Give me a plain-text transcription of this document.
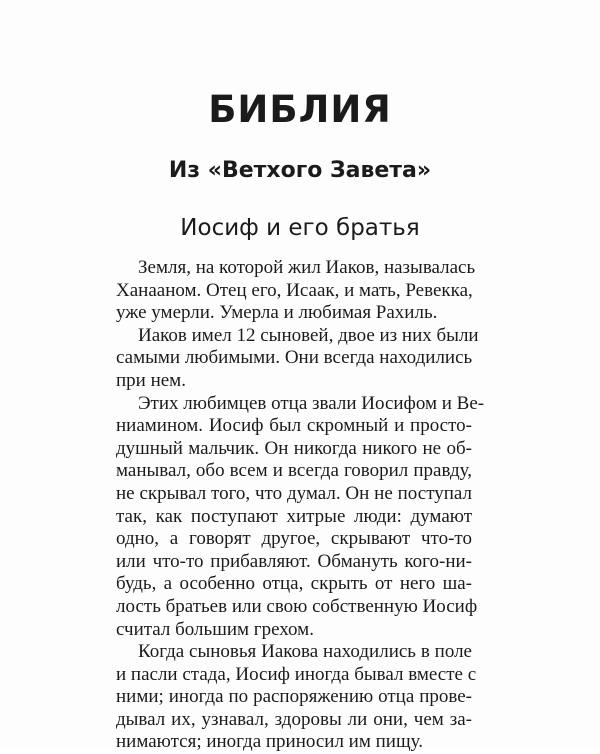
БИБЛИЯ
Из «Ветхого Завета»
Иосиф и его братья
Земля, на которой жил Иаков, называлась
Ханааном. Отец его, Исаак, и мать, Ревекка,
уже умерли. Умерла и любимая Рахиль.
Иаков имел 12 сыновей, двое из них были
самыми любимыми. Они всегда находились
при нем.
Этих любимцев отца звали Иосифом и Ве-
ниамином. Иосиф был скромный и просто-
душный мальчик. Он никогда никого не об-
манывал, обо всем и всегда говорил правду,
не скрывал того, что думал. Он не поступал
так, как поступают хитрые люди: думают
одно, а говорят другое, скрывают что-то
или что-то прибавляют. Обмануть кого-ни-
будь, а особенно отца, скрыть от него ша-
лость братьев или свою собственную Иосиф
считал большим грехом.
Когда сыновья Иакова находились в поле
и пасли стада, Иосиф иногда бывал вместе с
ними; иногда по распоряжению отца прове-
дывал их, узнавал, здоровы ли они, чем за-
нимаются; иногда приносил им пищу.
